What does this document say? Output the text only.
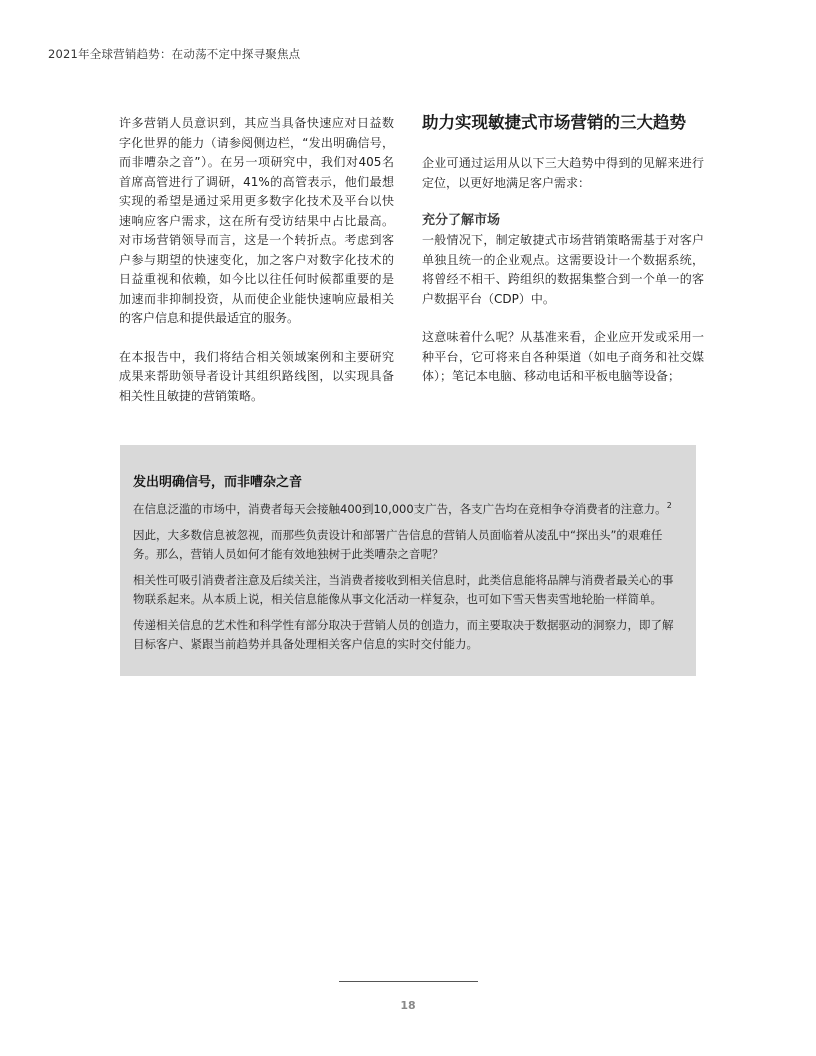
2021年全球营销趋势：在动荡不定中探寻聚焦点

许多营销人员意识到，其应当具备快速应对日益数字化世界的能力（请参阅侧边栏，“发出明确信号，而非嘈杂之音”）。在另一项研究中，我们对405名首席高管进行了调研，41%的高管表示，他们最想实现的希望是通过采用更多数字化技术及平台以快速响应客户需求，这在所有受访结果中占比最高。对市场营销领导而言，这是一个转折点。考虑到客户参与期望的快速变化，加之客户对数字化技术的日益重视和依赖，如今比以往任何时候都重要的是加速而非抑制投资，从而使企业能快速响应最相关的客户信息和提供最适宜的服务。

在本报告中，我们将结合相关领域案例和主要研究成果来帮助领导者设计其组织路线图，以实现具备相关性且敏捷的营销策略。

助力实现敏捷式市场营销的三大趋势

企业可通过运用从以下三大趋势中得到的见解来进行定位，以更好地满足客户需求：

充分了解市场

一般情况下，制定敏捷式市场营销策略需基于对客户单独且统一的企业观点。这需要设计一个数据系统，将曾经不相干、跨组织的数据集整合到一个单一的客户数据平台（CDP）中。

这意味着什么呢？从基准来看，企业应开发或采用一种平台，它可将来自各种渠道（如电子商务和社交媒体）；笔记本电脑、移动电话和平板电脑等设备；

发出明确信号，而非嘈杂之音

在信息泛滥的市场中，消费者每天会接触400到10,000支广告，各支广告均在竞相争夺消费者的注意力。$^2$

因此，大多数信息被忽视，而那些负责设计和部署广告信息的营销人员面临着从凌乱中“探出头”的艰难任务。那么，营销人员如何才能有效地独树于此类嘈杂之音呢？

相关性可吸引消费者注意及后续关注，当消费者接收到相关信息时，此类信息能将品牌与消费者最关心的事物联系起来。从本质上说，相关信息能像从事文化活动一样复杂，也可如下雪天售卖雪地轮胎一样简单。

传递相关信息的艺术性和科学性有部分取决于营销人员的创造力，而主要取决于数据驱动的洞察力，即了解目标客户、紧跟当前趋势并具备处理相关客户信息的实时交付能力。

18
